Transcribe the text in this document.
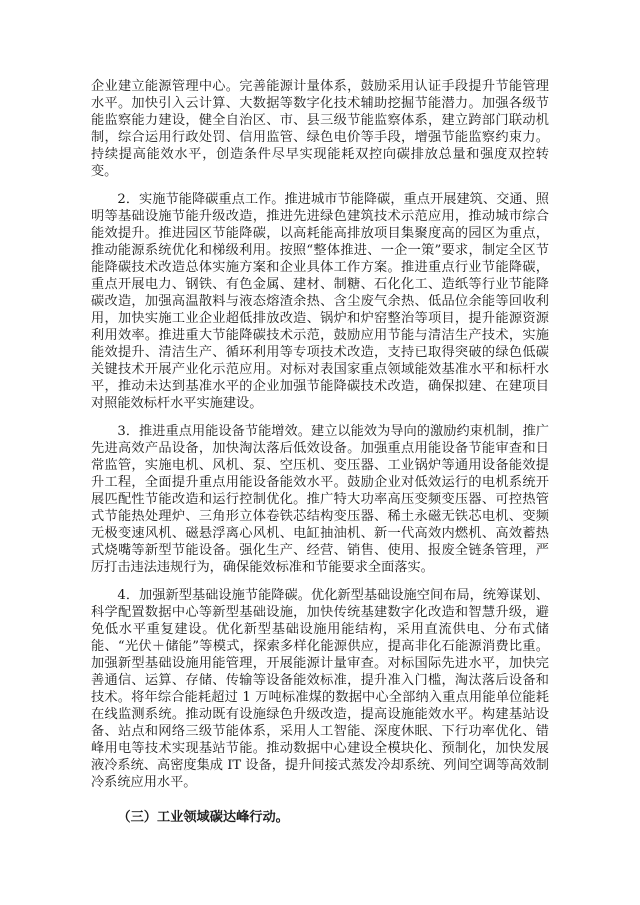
企业建立能源管理中心。完善能源计量体系，鼓励采用认证手段提升节能管理水平。加快引入云计算、大数据等数字化技术辅助挖掘节能潜力。加强各级节能监察能力建设，健全自治区、市、县三级节能监察体系，建立跨部门联动机制，综合运用行政处罚、信用监管、绿色电价等手段，增强节能监察约束力。持续提高能效水平，创造条件尽早实现能耗双控向碳排放总量和强度双控转变。

2．实施节能降碳重点工作。推进城市节能降碳，重点开展建筑、交通、照明等基础设施节能升级改造，推进先进绿色建筑技术示范应用，推动城市综合能效提升。推进园区节能降碳，以高耗能高排放项目集聚度高的园区为重点，推动能源系统优化和梯级利用。按照“整体推进、一企一策”要求，制定全区节能降碳技术改造总体实施方案和企业具体工作方案。推进重点行业节能降碳，重点开展电力、钢铁、有色金属、建材、制糖、石化化工、造纸等行业节能降碳改造，加强高温散料与液态熔渣余热、含尘废气余热、低品位余能等回收利用，加快实施工业企业超低排放改造、锅炉和炉窑整治等项目，提升能源资源利用效率。推进重大节能降碳技术示范，鼓励应用节能与清洁生产技术，实施能效提升、清洁生产、循环利用等专项技术改造，支持已取得突破的绿色低碳关键技术开展产业化示范应用。对标对表国家重点领域能效基准水平和标杆水平，推动未达到基准水平的企业加强节能降碳技术改造，确保拟建、在建项目对照能效标杆水平实施建设。

3．推进重点用能设备节能增效。建立以能效为导向的激励约束机制，推广先进高效产品设备，加快淘汰落后低效设备。加强重点用能设备节能审查和日常监管，实施电机、风机、泵、空压机、变压器、工业锅炉等通用设备能效提升工程，全面提升重点用能设备能效水平。鼓励企业对低效运行的电机系统开展匹配性节能改造和运行控制优化。推广特大功率高压变频变压器、可控热管式节能热处理炉、三角形立体卷铁芯结构变压器、稀土永磁无铁芯电机、变频无极变速风机、磁悬浮离心风机、电缸抽油机、新一代高效内燃机、高效蓄热式烧嘴等新型节能设备。强化生产、经营、销售、使用、报废全链条管理，严厉打击违法违规行为，确保能效标准和节能要求全面落实。

4．加强新型基础设施节能降碳。优化新型基础设施空间布局，统筹谋划、科学配置数据中心等新型基础设施，加快传统基建数字化改造和智慧升级，避免低水平重复建设。优化新型基础设施用能结构，采用直流供电、分布式储能、“光伏＋储能”等模式，探索多样化能源供应，提高非化石能源消费比重。加强新型基础设施用能管理，开展能源计量审查。对标国际先进水平，加快完善通信、运算、存储、传输等设备能效标准，提升准入门槛，淘汰落后设备和技术。将年综合能耗超过 1 万吨标准煤的数据中心全部纳入重点用能单位能耗在线监测系统。推动既有设施绿色升级改造，提高设施能效水平。构建基站设备、站点和网络三级节能体系，采用人工智能、深度休眠、下行功率优化、错峰用电等技术实现基站节能。推动数据中心建设全模块化、预制化，加快发展液冷系统、高密度集成 IT 设备，提升间接式蒸发冷却系统、列间空调等高效制冷系统应用水平。

（三）工业领域碳达峰行动。
